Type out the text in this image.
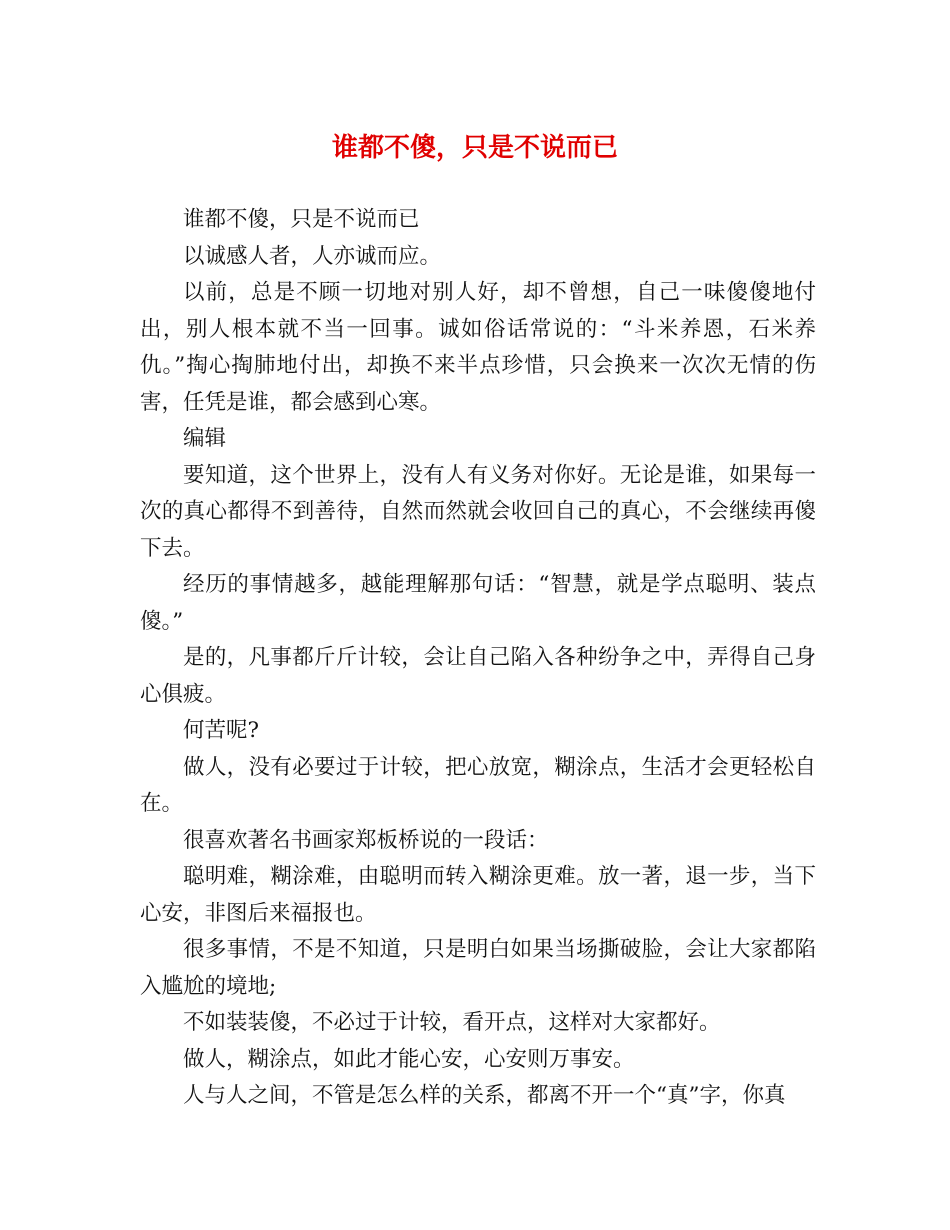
谁都不傻，只是不说而已

谁都不傻，只是不说而已

以诚感人者，人亦诚而应。

以前，总是不顾一切地对别人好，却不曾想，自己一味傻傻地付出，别人根本就不当一回事。诚如俗话常说的：“斗米养恩，石米养仇。”掏心掏肺地付出，却换不来半点珍惜，只会换来一次次无情的伤害，任凭是谁，都会感到心寒。

编辑

要知道，这个世界上，没有人有义务对你好。无论是谁，如果每一次的真心都得不到善待，自然而然就会收回自己的真心，不会继续再傻下去。

经历的事情越多，越能理解那句话：“智慧，就是学点聪明、装点傻。”

是的，凡事都斤斤计较，会让自己陷入各种纷争之中，弄得自己身心俱疲。

何苦呢?

做人，没有必要过于计较，把心放宽，糊涂点，生活才会更轻松自在。

很喜欢著名书画家郑板桥说的一段话：

聪明难，糊涂难，由聪明而转入糊涂更难。放一著，退一步，当下心安，非图后来福报也。

很多事情，不是不知道，只是明白如果当场撕破脸，会让大家都陷入尴尬的境地;

不如装装傻，不必过于计较，看开点，这样对大家都好。

做人，糊涂点，如此才能心安，心安则万事安。

人与人之间，不管是怎么样的关系，都离不开一个“真”字，你真
